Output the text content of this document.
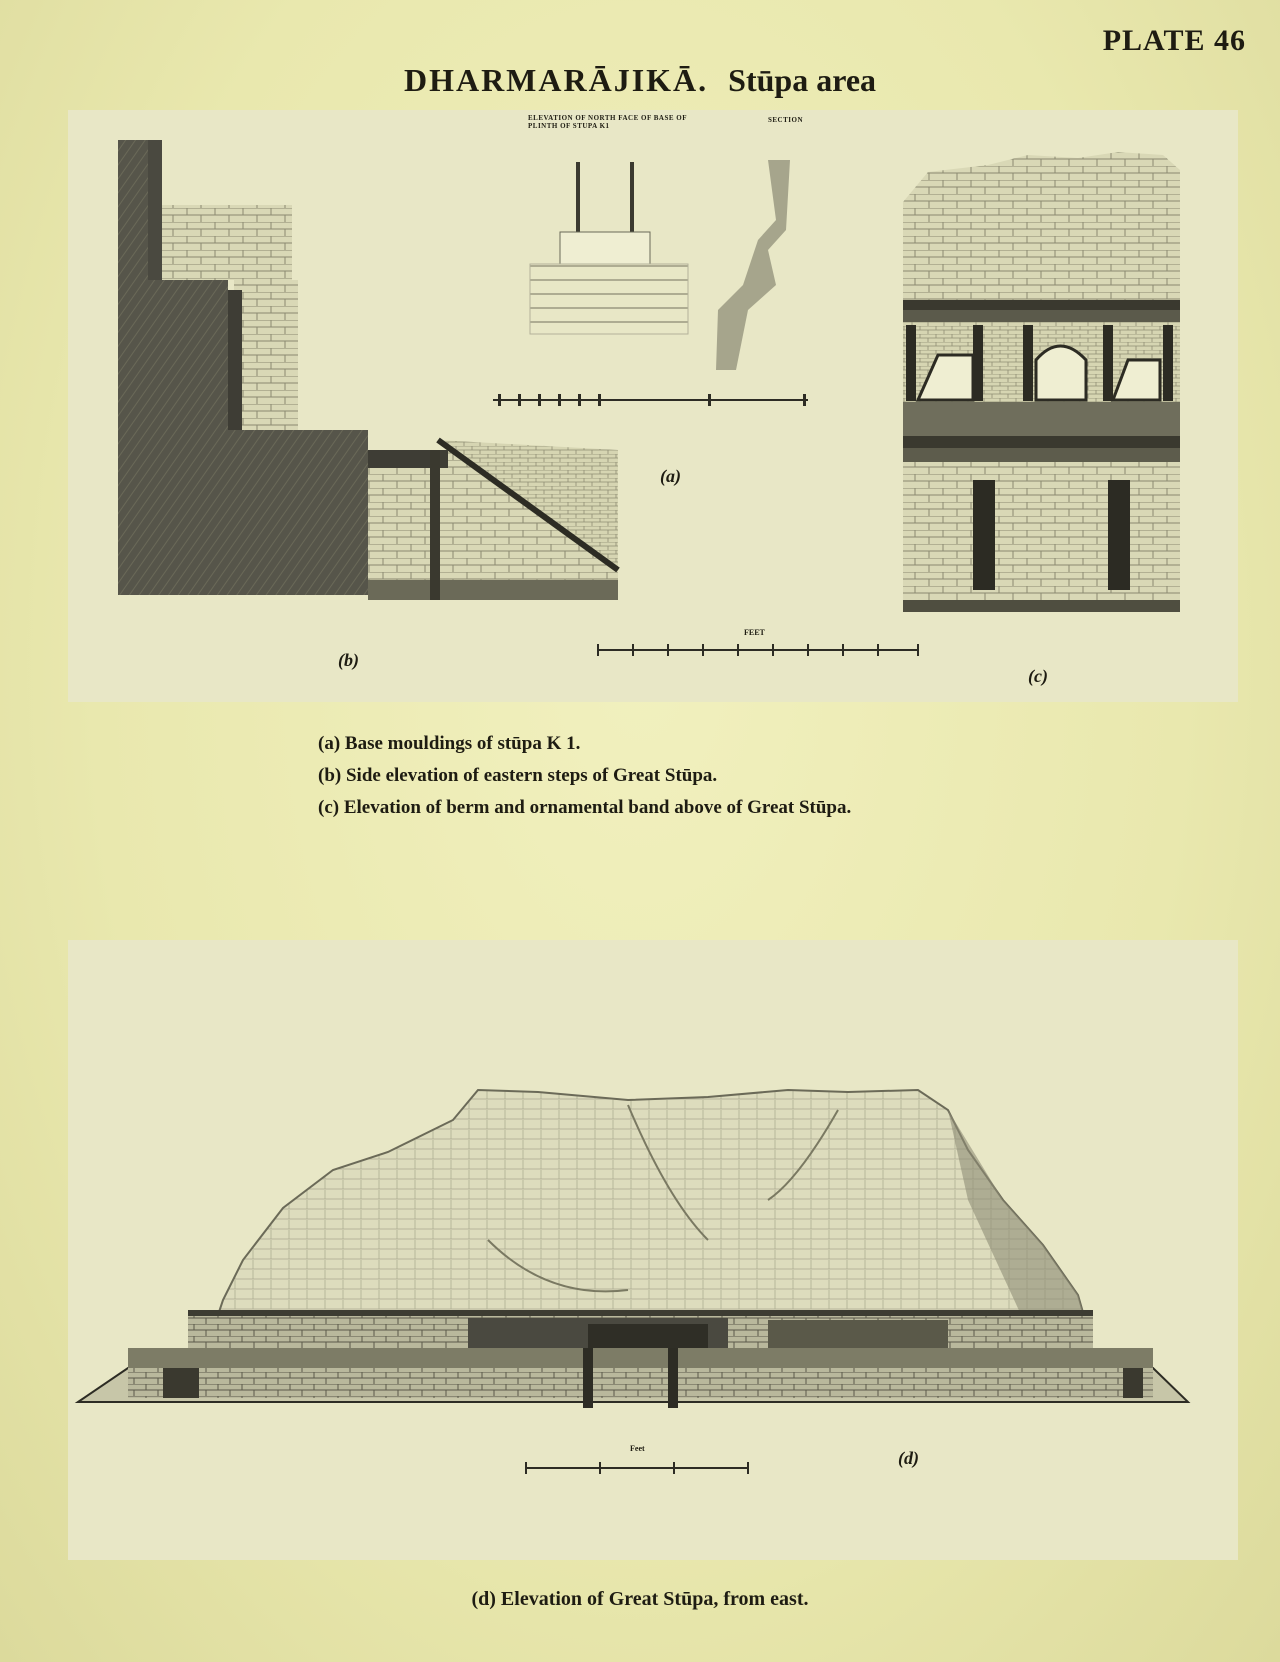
PLATE 46
DHARMARĀJIKĀ. Stūpa area
ELEVATION OF NORTH FACE OF BASE OF PLINTH OF STUPA K1
SECTION
FEET
(a)
(b)
(c)
(a) Base mouldings of stūpa K 1.
(b) Side elevation of eastern steps of Great Stūpa.
(c) Elevation of berm and ornamental band above of Great Stūpa.
Feet	(d)
(d) Elevation of Great Stūpa, from east.
